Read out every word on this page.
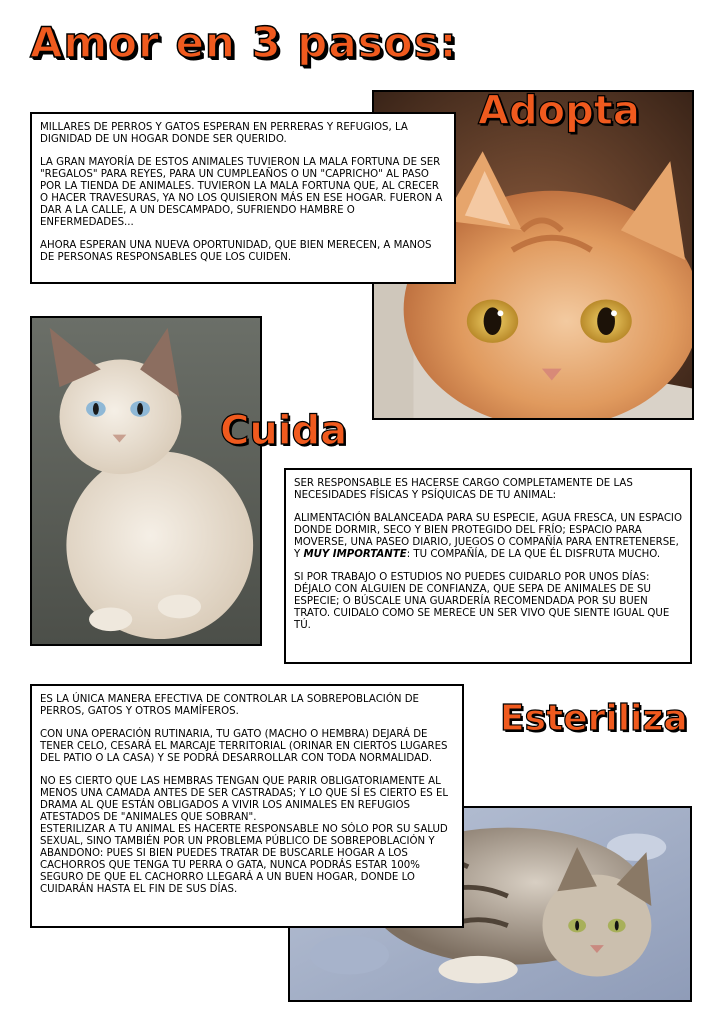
Amor en 3 pasos:
Adopta

MILLARES DE PERROS Y GATOS ESPERAN EN PERRERAS Y REFUGIOS, LA DIGNIDAD DE UN HOGAR DONDE SER QUERIDO.

LA GRAN MAYORÍA DE ESTOS ANIMALES TUVIERON LA MALA FORTUNA DE SER "REGALOS" PARA REYES, PARA UN CUMPLEAÑOS O UN "CAPRICHO" AL PASO POR LA TIENDA DE ANIMALES. TUVIERON LA MALA FORTUNA QUE, AL CRECER O HACER TRAVESURAS, YA NO LOS QUISIERON MÁS EN ESE HOGAR. FUERON A DAR A LA CALLE, A UN DESCAMPADO, SUFRIENDO HAMBRE O ENFERMEDADES...

AHORA ESPERAN UNA NUEVA OPORTUNIDAD, QUE BIEN MERECEN, A MANOS DE PERSONAS RESPONSABLES QUE LOS CUIDEN.

Cuida

SER RESPONSABLE ES HACERSE CARGO COMPLETAMENTE DE LAS NECESIDADES FÍSICAS Y PSÍQUICAS DE TU ANIMAL:

ALIMENTACIÓN BALANCEADA PARA SU ESPECIE, AGUA FRESCA, UN ESPACIO DONDE DORMIR, SECO Y BIEN PROTEGIDO DEL FRÍO; ESPACIO PARA MOVERSE, UNA PASEO DIARIO, JUEGOS O COMPAÑÍA PARA ENTRETENERSE, Y MUY IMPORTANTE: TU COMPAÑÍA, DE LA QUE ÉL DISFRUTA MUCHO.

SI POR TRABAJO O ESTUDIOS NO PUEDES CUIDARLO POR UNOS DÍAS: DÉJALO CON ALGUIEN DE CONFIANZA, QUE SEPA DE ANIMALES DE SU ESPECIE; O BÚSCALE UNA GUARDERÍA RECOMENDADA POR SU BUEN TRATO. CUIDALO COMO SE MERECE UN SER VIVO QUE SIENTE IGUAL QUE TÚ.

Esteriliza

ES LA ÚNICA MANERA EFECTIVA DE CONTROLAR LA SOBREPOBLACIÓN DE PERROS, GATOS Y OTROS MAMÍFEROS.

CON UNA OPERACIÓN RUTINARIA, TU GATO (MACHO O HEMBRA) DEJARÁ DE TENER CELO, CESARÁ EL MARCAJE TERRITORIAL (ORINAR EN CIERTOS LUGARES DEL PATIO O LA CASA) Y SE PODRÁ DESARROLLAR CON TODA NORMALIDAD.

NO ES CIERTO QUE LAS HEMBRAS TENGAN QUE PARIR OBLIGATORIAMENTE AL MENOS UNA CAMADA ANTES DE SER CASTRADAS; Y LO QUE SÍ ES CIERTO ES EL DRAMA AL QUE ESTÁN OBLIGADOS A VIVIR LOS ANIMALES EN REFUGIOS ATESTADOS DE "ANIMALES QUE SOBRAN".

ESTERILIZAR A TU ANIMAL ES HACERTE RESPONSABLE NO SÓLO POR SU SALUD SEXUAL, SINO TAMBIÉN POR UN PROBLEMA PÚBLICO DE SOBREPOBLACIÓN Y ABANDONO: PUES SI BIEN PUEDES TRATAR DE BUSCARLE HOGAR A LOS CACHORROS QUE TENGA TU PERRA O GATA, NUNCA PODRÁS ESTAR 100% SEGURO DE QUE EL CACHORRO LLEGARÁ A UN BUEN HOGAR, DONDE LO CUIDARÁN HASTA EL FIN DE SUS DÍAS.
